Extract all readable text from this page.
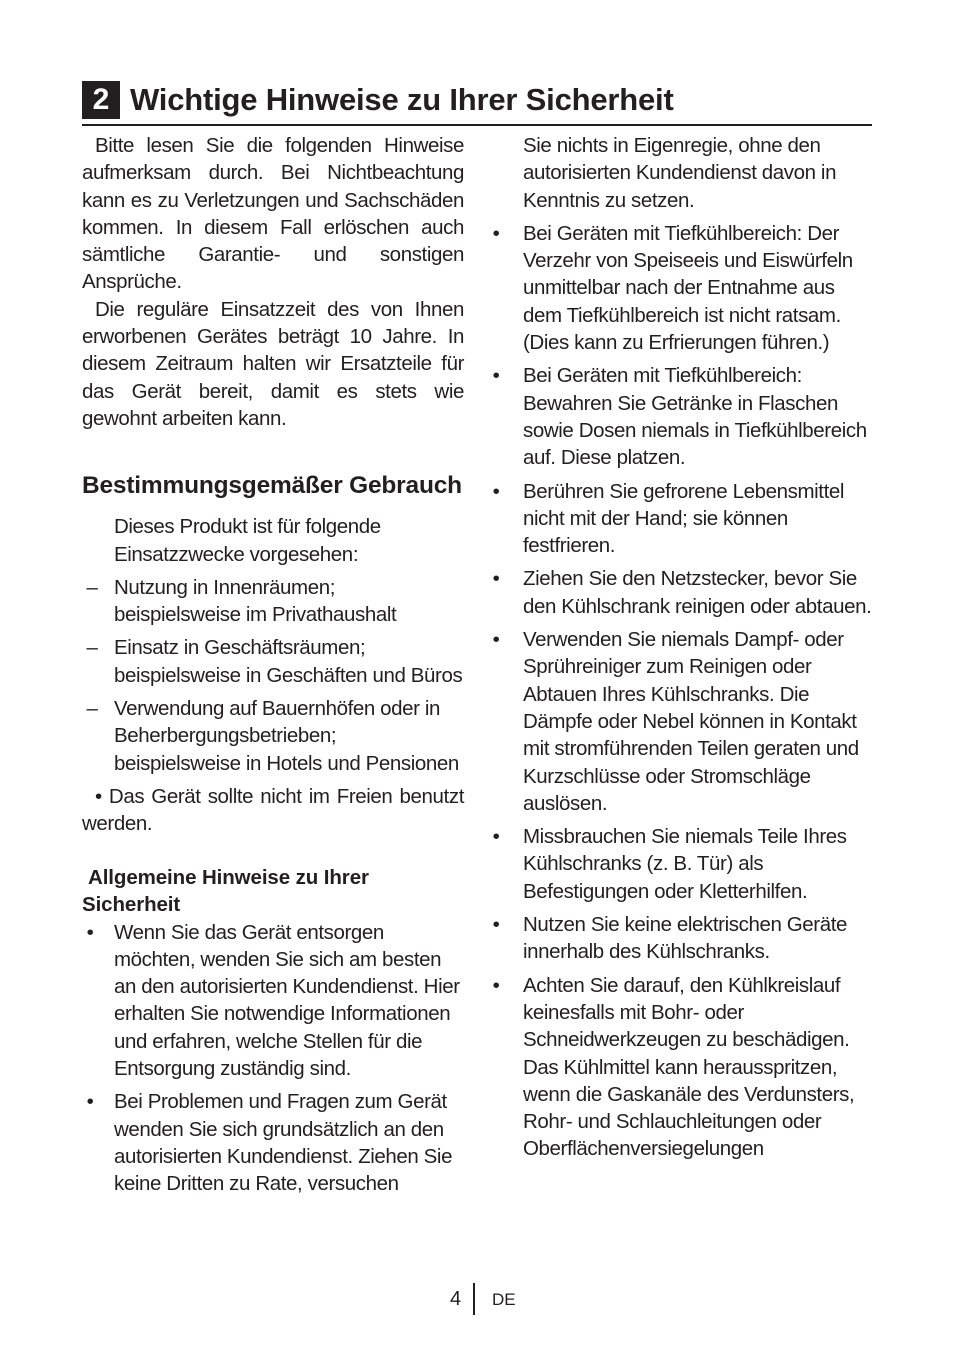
2 Wichtige Hinweise zu Ihrer Sicherheit

Bitte lesen Sie die folgenden Hinweise aufmerksam durch. Bei Nichtbeachtung kann es zu Verletzungen und Sachschäden kommen. In diesem Fall erlöschen auch sämtliche Garantie- und sonstigen Ansprüche.

Die reguläre Einsatzzeit des von Ihnen erworbenen Gerätes beträgt 10 Jahre. In diesem Zeitraum halten wir Ersatzteile für das Gerät bereit, damit es stets wie gewohnt arbeiten kann.

Bestimmungsgemäßer Gebrauch

Dieses Produkt ist für folgende Einsatzzwecke vorgesehen:

– Nutzung in Innenräumen; beispielsweise im Privathaushalt
– Einsatz in Geschäftsräumen; beispielsweise in Geschäften und Büros
– Verwendung auf Bauernhöfen oder in Beherbergungsbetrieben; beispielsweise in Hotels und Pensionen

• Das Gerät sollte nicht im Freien benutzt werden.

Allgemeine Hinweise zu Ihrer Sicherheit
• Wenn Sie das Gerät entsorgen möchten, wenden Sie sich am besten an den autorisierten Kundendienst. Hier erhalten Sie notwendige Informationen und erfahren, welche Stellen für die Entsorgung zuständig sind.
• Bei Problemen und Fragen zum Gerät wenden Sie sich grundsätzlich an den autorisierten Kundendienst. Ziehen Sie keine Dritten zu Rate, versuchen

Sie nichts in Eigenregie, ohne den autorisierten Kundendienst davon in Kenntnis zu setzen.

• Bei Geräten mit Tiefkühlbereich: Der Verzehr von Speiseeis und Eiswürfeln unmittelbar nach der Entnahme aus dem Tiefkühlbereich ist nicht ratsam. (Dies kann zu Erfrierungen führen.)
• Bei Geräten mit Tiefkühlbereich: Bewahren Sie Getränke in Flaschen sowie Dosen niemals in Tiefkühlbereich auf. Diese platzen.
• Berühren Sie gefrorene Lebensmittel nicht mit der Hand; sie können festfrieren.
• Ziehen Sie den Netzstecker, bevor Sie den Kühlschrank reinigen oder abtauen.
• Verwenden Sie niemals Dampf- oder Sprühreiniger zum Reinigen oder Abtauen Ihres Kühlschranks. Die Dämpfe oder Nebel können in Kontakt mit stromführenden Teilen geraten und Kurzschlüsse oder Stromschläge auslösen.
• Missbrauchen Sie niemals Teile Ihres Kühlschranks (z. B. Tür) als Befestigungen oder Kletterhilfen.
• Nutzen Sie keine elektrischen Geräte innerhalb des Kühlschranks.
• Achten Sie darauf, den Kühlkreislauf keinesfalls mit Bohr- oder Schneidwerkzeugen zu beschädigen. Das Kühlmittel kann herausspritzen, wenn die Gaskanäle des Verdunsters, Rohr- und Schlauchleitungen oder Oberflächenversiegelungen
4 DE
